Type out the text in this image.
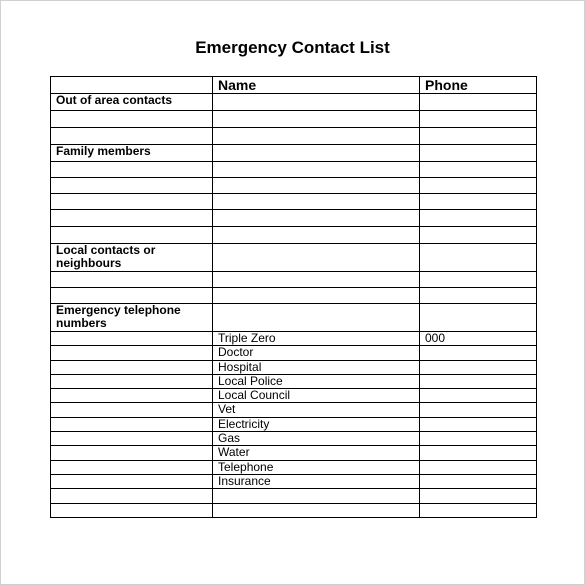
Emergency Contact List
	Name	Phone
Out of area contacts		

Family members		

Local contacts or neighbours		

Emergency telephone numbers		
	Triple Zero	000
	Doctor	
	Hospital	
	Local Police	
	Local Council	
	Vet	
	Electricity	
	Gas	
	Water	
	Telephone	
	Insurance	
